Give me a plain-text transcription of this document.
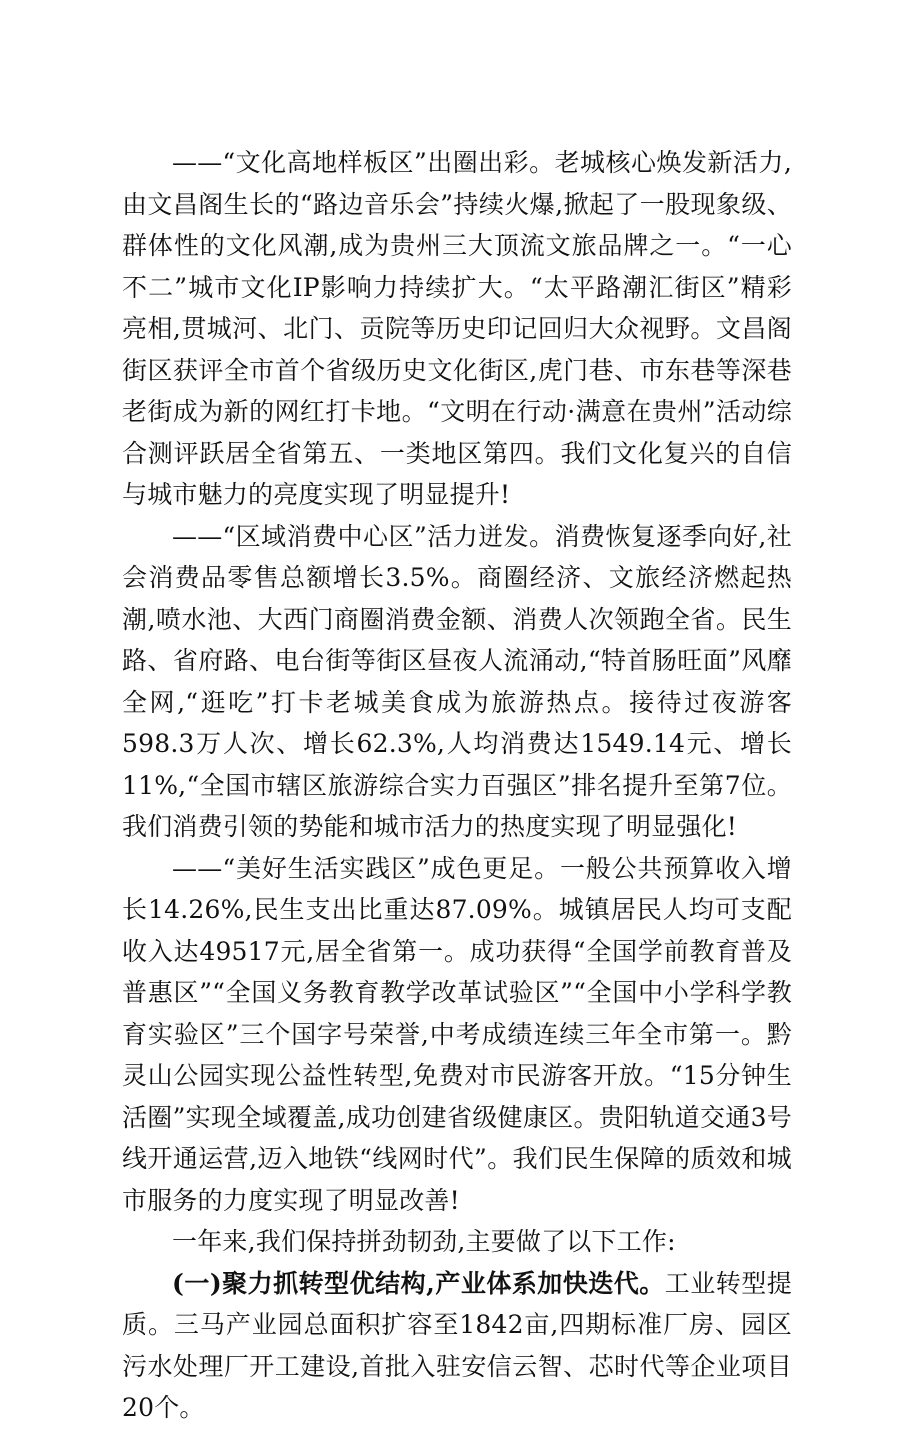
——“文化高地样板区”出圈出彩。老城核心焕发新活力,由文昌阁生长的“路边音乐会”持续火爆,掀起了一股现象级、群体性的文化风潮,成为贵州三大顶流文旅品牌之一。“一心不二”城市文化IP影响力持续扩大。“太平路潮汇街区”精彩亮相,贯城河、北门、贡院等历史印记回归大众视野。文昌阁街区获评全市首个省级历史文化街区,虎门巷、市东巷等深巷老街成为新的网红打卡地。“文明在行动·满意在贵州”活动综合测评跃居全省第五、一类地区第四。我们文化复兴的自信与城市魅力的亮度实现了明显提升!

——“区域消费中心区”活力迸发。消费恢复逐季向好,社会消费品零售总额增长3.5%。商圈经济、文旅经济燃起热潮,喷水池、大西门商圈消费金额、消费人次领跑全省。民生路、省府路、电台街等街区昼夜人流涌动,“特首肠旺面”风靡全网,“逛吃”打卡老城美食成为旅游热点。接待过夜游客598.3万人次、增长62.3%,人均消费达1549.14元、增长11%,“全国市辖区旅游综合实力百强区”排名提升至第7位。我们消费引领的势能和城市活力的热度实现了明显强化!

——“美好生活实践区”成色更足。一般公共预算收入增长14.26%,民生支出比重达87.09%。城镇居民人均可支配收入达49517元,居全省第一。成功获得“全国学前教育普及普惠区”“全国义务教育教学改革试验区”“全国中小学科学教育实验区”三个国字号荣誉,中考成绩连续三年全市第一。黔灵山公园实现公益性转型,免费对市民游客开放。“15分钟生活圈”实现全域覆盖,成功创建省级健康区。贵阳轨道交通3号线开通运营,迈入地铁“线网时代”。我们民生保障的质效和城市服务的力度实现了明显改善!

一年来,我们保持拼劲韧劲,主要做了以下工作:

(一)聚力抓转型优结构,产业体系加快迭代。工业转型提质。三马产业园总面积扩容至1842亩,四期标准厂房、园区污水处理厂开工建设,首批入驻安信云智、芯时代等企业项目20个。
